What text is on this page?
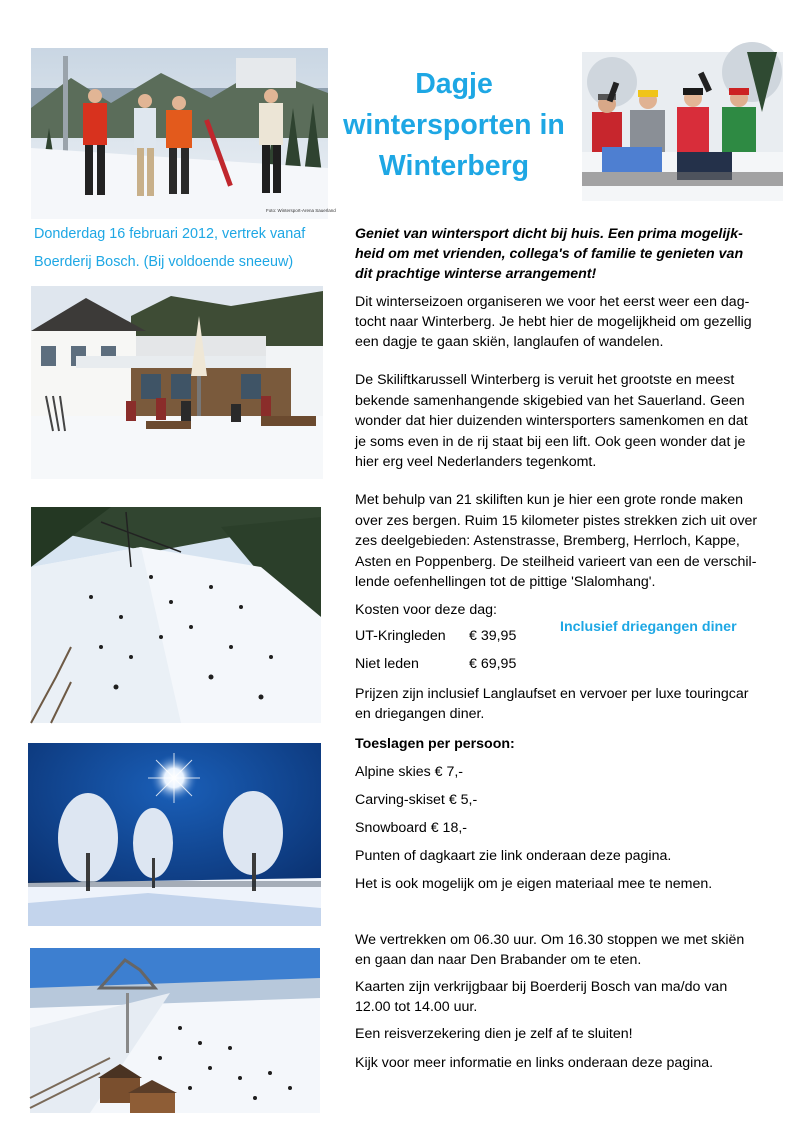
Foto: Wintersport-Arena Sauerland
Dagje
wintersporten in
Winterberg
Donderdag 16 februari 2012, vertrek vanaf
Boerderij Bosch. (Bij voldoende sneeuw)
Geniet van wintersport dicht bij huis. Een prima mogelijk-
heid om met vrienden, collega's of familie te genieten van
dit prachtige winterse arrangement!
Dit winterseizoen organiseren we voor het eerst weer een dag-
tocht naar Winterberg. Je hebt hier de mogelijkheid om gezellig
een dagje te gaan skiën, langlaufen of wandelen.
De Skiliftkarussell Winterberg is veruit het grootste en meest
bekende samenhangende skigebied van het Sauerland. Geen
wonder dat hier duizenden wintersporters samenkomen en dat
je soms even in de rij staat bij een lift. Ook geen wonder dat je
hier erg veel Nederlanders tegenkomt.
Met behulp van 21 skiliften kun je hier een grote ronde maken
over zes bergen. Ruim 15 kilometer pistes strekken zich uit over
zes deelgebieden: Astenstrasse, Bremberg, Herrloch, Kappe,
Asten en Poppenberg. De steilheid varieert van een de verschil-
lende oefenhellingen tot de pittige 'Slalomhang'.
Kosten voor deze dag:
UT-Kringleden € 39,95
Niet leden	€ 69,95
Inclusief driegangen diner
Prijzen zijn inclusief Langlaufset en vervoer per luxe touringcar
en driegangen diner.
Toeslagen per persoon:
Alpine skies € 7,-
Carving-skiset € 5,-
Snowboard € 18,-
Punten of dagkaart zie link onderaan deze pagina.
Het is ook mogelijk om je eigen materiaal mee te nemen.
We vertrekken om 06.30 uur. Om 16.30 stoppen we met skiën
en gaan dan naar Den Brabander om te eten.
Kaarten zijn verkrijgbaar bij Boerderij Bosch van ma/do van
12.00 tot 14.00 uur.
Een reisverzekering dien je zelf af te sluiten!
Kijk voor meer informatie en links onderaan deze pagina.
